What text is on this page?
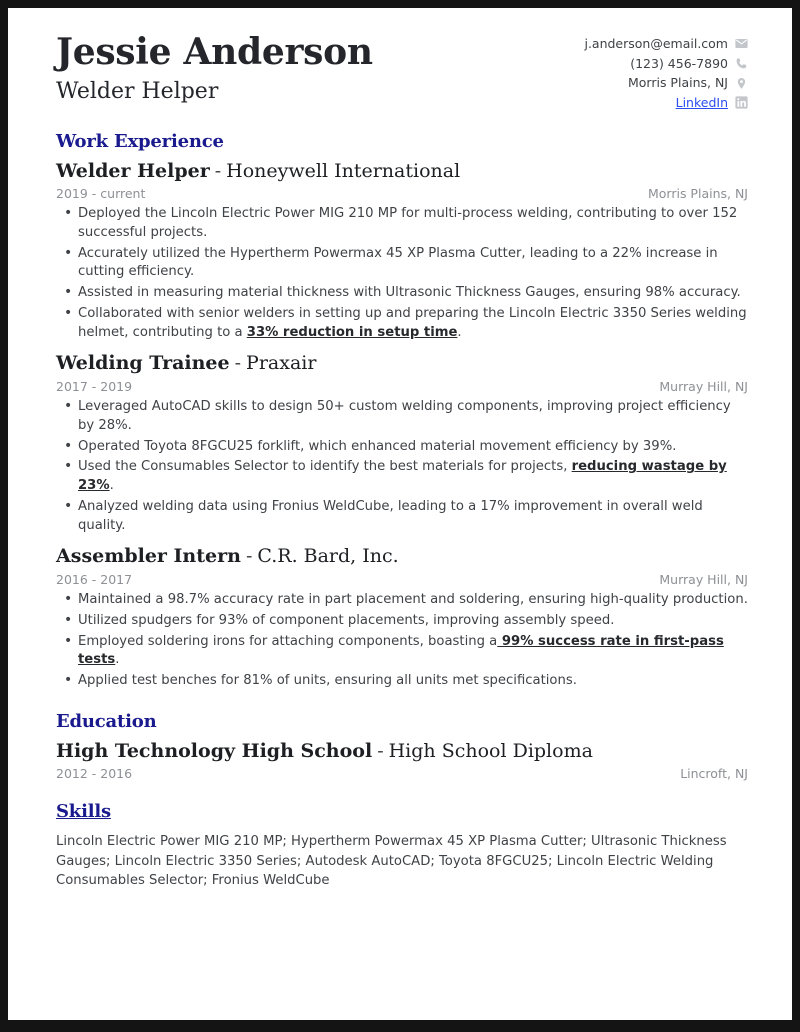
Jessie Anderson
Welder Helper
j.anderson@email.com
(123) 456-7890
Morris Plains, NJ
LinkedIn
Work Experience
Welder Helper - Honeywell International
2019 - current	Morris Plains, NJ
• Deployed the Lincoln Electric Power MIG 210 MP for multi-process welding, contributing to over 152 successful projects.
• Accurately utilized the Hypertherm Powermax 45 XP Plasma Cutter, leading to a 22% increase in cutting efficiency.
• Assisted in measuring material thickness with Ultrasonic Thickness Gauges, ensuring 98% accuracy.
• Collaborated with senior welders in setting up and preparing the Lincoln Electric 3350 Series welding helmet, contributing to a 33% reduction in setup time.
Welding Trainee - Praxair
2017 - 2019	Murray Hill, NJ
• Leveraged AutoCAD skills to design 50+ custom welding components, improving project efficiency by 28%.
• Operated Toyota 8FGCU25 forklift, which enhanced material movement efficiency by 39%.
• Used the Consumables Selector to identify the best materials for projects, reducing wastage by 23%.
• Analyzed welding data using Fronius WeldCube, leading to a 17% improvement in overall weld quality.
Assembler Intern - C.R. Bard, Inc.
2016 - 2017	Murray Hill, NJ
• Maintained a 98.7% accuracy rate in part placement and soldering, ensuring high-quality production.
• Utilized spudgers for 93% of component placements, improving assembly speed.
• Employed soldering irons for attaching components, boasting a 99% success rate in first-pass tests.
• Applied test benches for 81% of units, ensuring all units met specifications.
Education
High Technology High School - High School Diploma
2012 - 2016	Lincroft, NJ
Skills
Lincoln Electric Power MIG 210 MP; Hypertherm Powermax 45 XP Plasma Cutter; Ultrasonic Thickness Gauges; Lincoln Electric 3350 Series; Autodesk AutoCAD; Toyota 8FGCU25; Lincoln Electric Welding Consumables Selector; Fronius WeldCube
